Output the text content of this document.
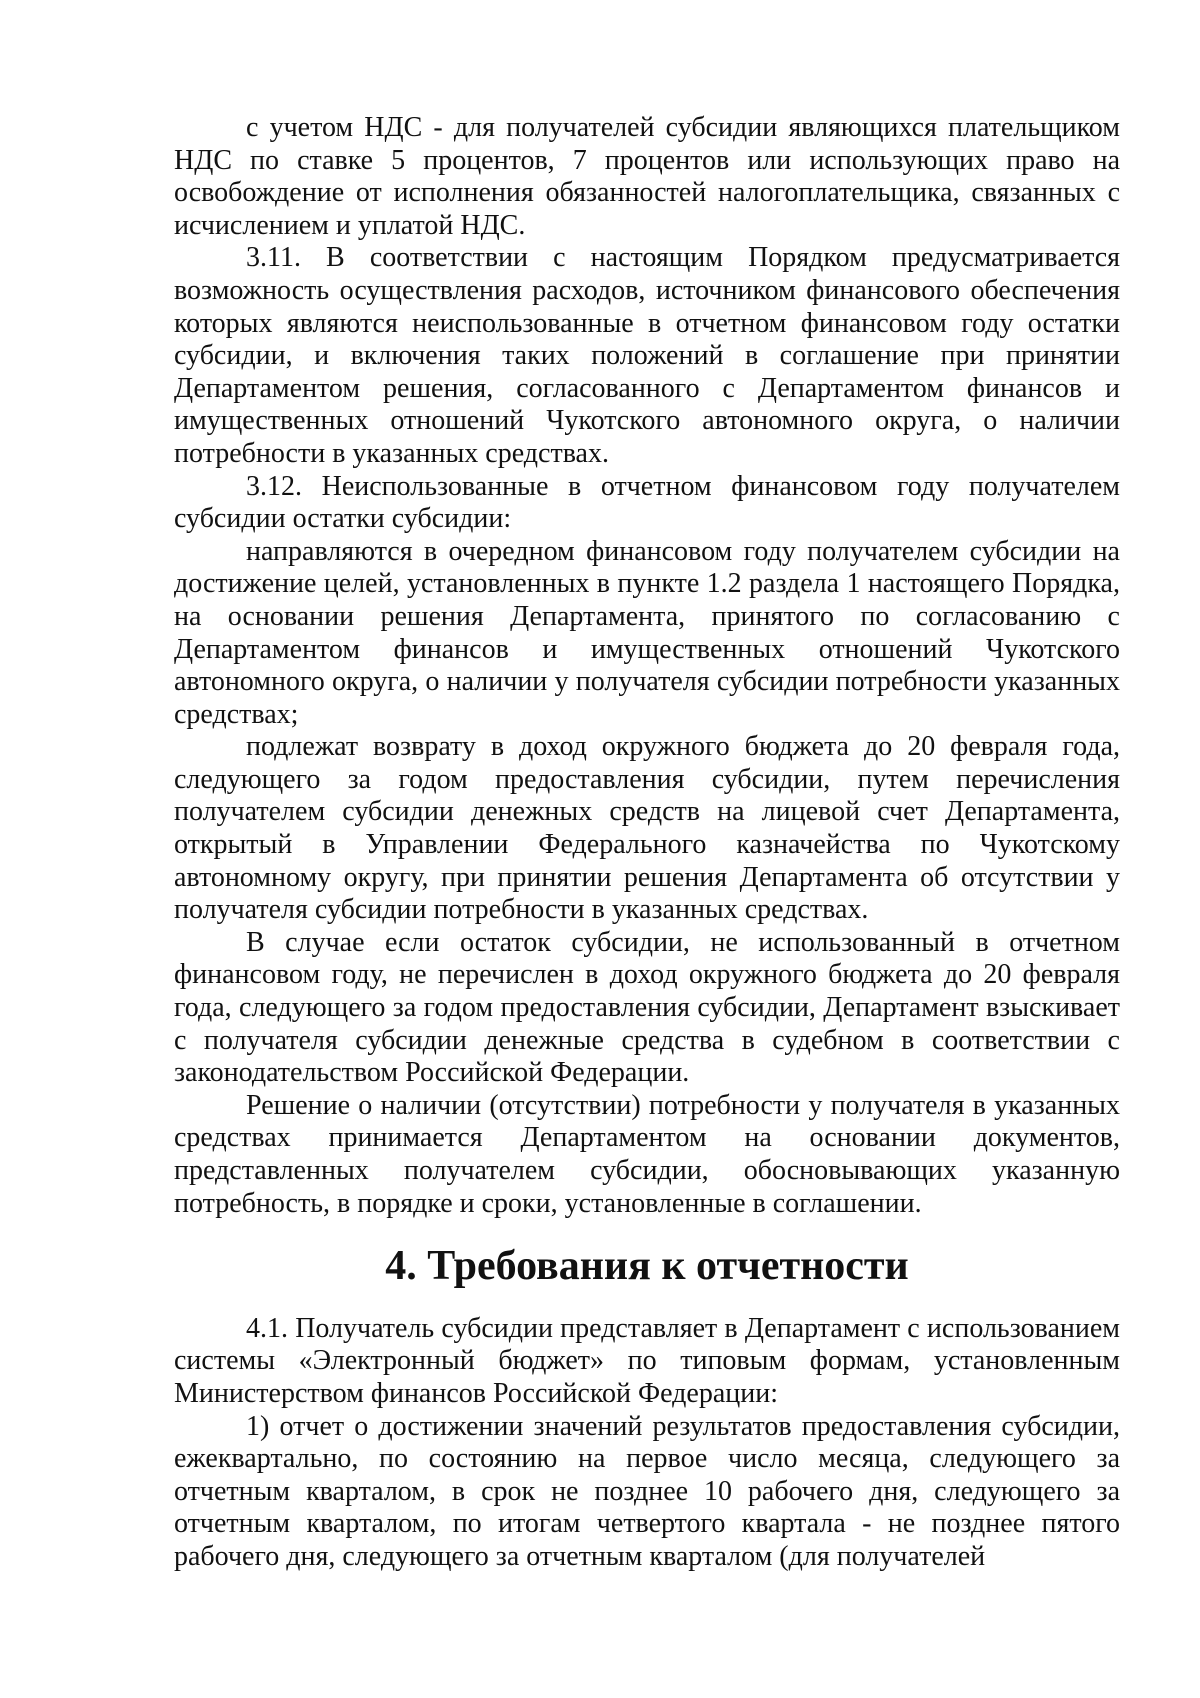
с учетом НДС - для получателей субсидии являющихся плательщиком НДС по ставке 5 процентов, 7 процентов или использующих право на освобождение от исполнения обязанностей налогоплательщика, связанных с исчислением и уплатой НДС.

3.11. В соответствии с настоящим Порядком предусматривается возможность осуществления расходов, источником финансового обеспечения которых являются неиспользованные в отчетном финансовом году остатки субсидии, и включения таких положений в соглашение при принятии Департаментом решения, согласованного с Департаментом финансов и имущественных отношений Чукотского автономного округа, о наличии потребности в указанных средствах.

3.12. Неиспользованные в отчетном финансовом году получателем субсидии остатки субсидии:

направляются в очередном финансовом году получателем субсидии на достижение целей, установленных в пункте 1.2 раздела 1 настоящего Порядка, на основании решения Департамента, принятого по согласованию с Департаментом финансов и имущественных отношений Чукотского автономного округа, о наличии у получателя субсидии потребности указанных средствах;

подлежат возврату в доход окружного бюджета до 20 февраля года, следующего за годом предоставления субсидии, путем перечисления получателем субсидии денежных средств на лицевой счет Департамента, открытый в Управлении Федерального казначейства по Чукотскому автономному округу, при принятии решения Департамента об отсутствии у получателя субсидии потребности в указанных средствах.

В случае если остаток субсидии, не использованный в отчетном финансовом году, не перечислен в доход окружного бюджета до 20 февраля года, следующего за годом предоставления субсидии, Департамент взыскивает с получателя субсидии денежные средства в судебном в соответствии с законодательством Российской Федерации.

Решение о наличии (отсутствии) потребности у получателя в указанных средствах принимается Департаментом на основании документов, представленных получателем субсидии, обосновывающих указанную потребность, в порядке и сроки, установленные в соглашении.

4. Требования к отчетности

4.1. Получатель субсидии представляет в Департамент с использованием системы «Электронный бюджет» по типовым формам, установленным Министерством финансов Российской Федерации:

1) отчет о достижении значений результатов предоставления субсидии, ежеквартально, по состоянию на первое число месяца, следующего за отчетным кварталом, в срок не позднее 10 рабочего дня, следующего за отчетным кварталом, по итогам четвертого квартала - не позднее пятого рабочего дня, следующего за отчетным кварталом (для получателей
